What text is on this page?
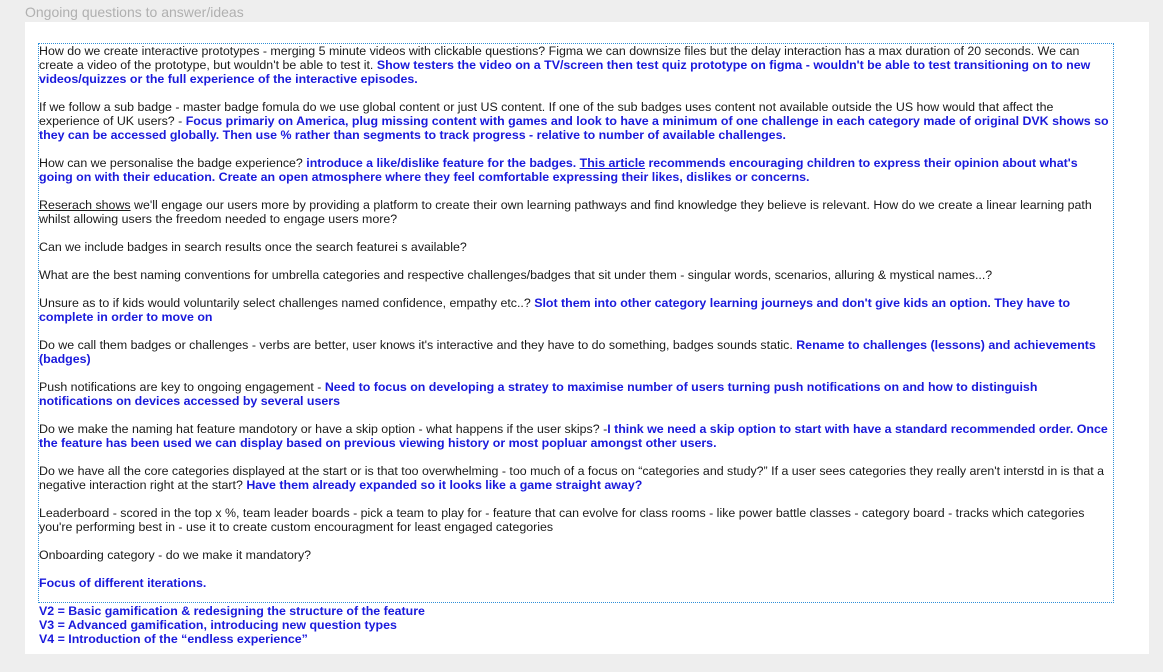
Ongoing questions to answer/ideas

How do we create interactive prototypes - merging 5 minute videos with clickable questions? Figma we can downsize files but the delay interaction has a max duration of 20 seconds. We can create a video of the prototype, but wouldn't be able to test it. Show testers the video on a TV/screen then test quiz prototype on figma - wouldn't be able to test transitioning on to new videos/quizzes or the full experience of the interactive episodes.

If we follow a sub badge - master badge fomula do we use global content or just US content. If one of the sub badges uses content not available outside the US how would that affect the experience of UK users? - Focus primariy on America, plug missing content with games and look to have a minimum of one challenge in each category made of original DVK shows so they can be accessed globally. Then use % rather than segments to track progress - relative to number of available challenges.

How can we personalise the badge experience? introduce a like/dislike feature for the badges. This article recommends encouraging children to express their opinion about what's going on with their education. Create an open atmosphere where they feel comfortable expressing their likes, dislikes or concerns.

Reserach shows we'll engage our users more by providing a platform to create their own learning pathways and find knowledge they believe is relevant. How do we create a linear learning path whilst allowing users the freedom needed to engage users more?

Can we include badges in search results once the search featurei s available?

What are the best naming conventions for umbrella categories and respective challenges/badges that sit under them - singular words, scenarios, alluring & mystical names...?

Unsure as to if kids would voluntarily select challenges named confidence, empathy etc..? Slot them into other category learning journeys and don't give kids an option. They have to complete in order to move on

Do we call them badges or challenges - verbs are better, user knows it's interactive and they have to do something, badges sounds static. Rename to challenges (lessons) and achievements (badges)

Push notifications are key to ongoing engagement - Need to focus on developing a stratey to maximise number of users turning push notifications on and how to distinguish notifications on devices accessed by several users

Do we make the naming hat feature mandotory or have a skip option - what happens if the user skips? -I think we need a skip option to start with have a standard recommended order. Once the feature has been used we can display based on previous viewing history or most popluar amongst other users.

Do we have all the core categories displayed at the start or is that too overwhelming - too much of a focus on “categories and study?” If a user sees categories they really aren't interstd in is that a negative interaction right at the start? Have them already expanded so it looks like a game straight away?

Leaderboard - scored in the top x %, team leader boards - pick a team to play for - feature that can evolve for class rooms - like power battle classes - category board - tracks which categories you're performing best in - use it to create custom encouragment for least engaged categories

Onboarding category - do we make it mandatory?

Focus of different iterations.

V2 = Basic gamification & redesigning the structure of the feature
V3 = Advanced gamification, introducing new question types
V4 = Introduction of the “endless experience”
